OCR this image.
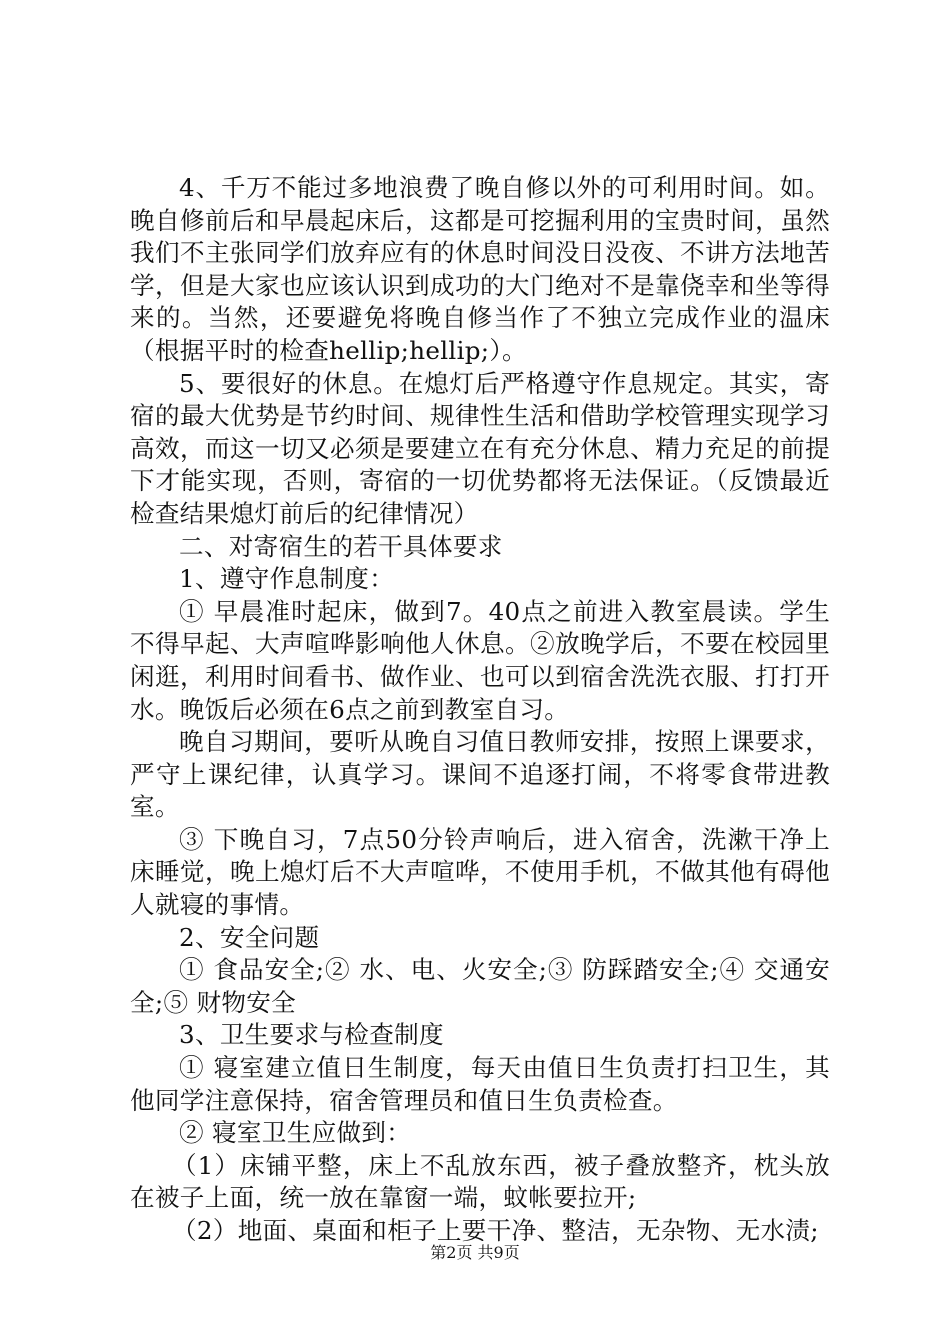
4、千万不能过多地浪费了晚自修以外的可利用时间。如。晚自修前后和早晨起床后，这都是可挖掘利用的宝贵时间，虽然我们不主张同学们放弃应有的休息时间没日没夜、不讲方法地苦学，但是大家也应该认识到成功的大门绝对不是靠侥幸和坐等得来的。当然，还要避免将晚自修当作了不独立完成作业的温床（根据平时的检查hellip;hellip;）。

5、要很好的休息。在熄灯后严格遵守作息规定。其实，寄宿的最大优势是节约时间、规律性生活和借助学校管理实现学习高效，而这一切又必须是要建立在有充分休息、精力充足的前提下才能实现，否则，寄宿的一切优势都将无法保证。（反馈最近检查结果熄灯前后的纪律情况）

二、对寄宿生的若干具体要求

1、遵守作息制度：

① 早晨准时起床，做到7。40点之前进入教室晨读。学生不得早起、大声喧哗影响他人休息。②放晚学后，不要在校园里闲逛，利用时间看书、做作业、也可以到宿舍洗洗衣服、打打开水。晚饭后必须在6点之前到教室自习。

晚自习期间，要听从晚自习值日教师安排，按照上课要求，严守上课纪律，认真学习。课间不追逐打闹，不将零食带进教室。

③ 下晚自习，7点50分铃声响后，进入宿舍，洗漱干净上床睡觉，晚上熄灯后不大声喧哗，不使用手机，不做其他有碍他人就寝的事情。

2、安全问题

① 食品安全;② 水、电、火安全;③ 防踩踏安全;④ 交通安全;⑤ 财物安全

3、卫生要求与检查制度

① 寝室建立值日生制度，每天由值日生负责打扫卫生，其他同学注意保持，宿舍管理员和值日生负责检查。

② 寝室卫生应做到：

（1）床铺平整，床上不乱放东西，被子叠放整齐，枕头放在被子上面，统一放在靠窗一端，蚊帐要拉开;

（2）地面、桌面和柜子上要干净、整洁，无杂物、无水渍;

第2页 共9页
